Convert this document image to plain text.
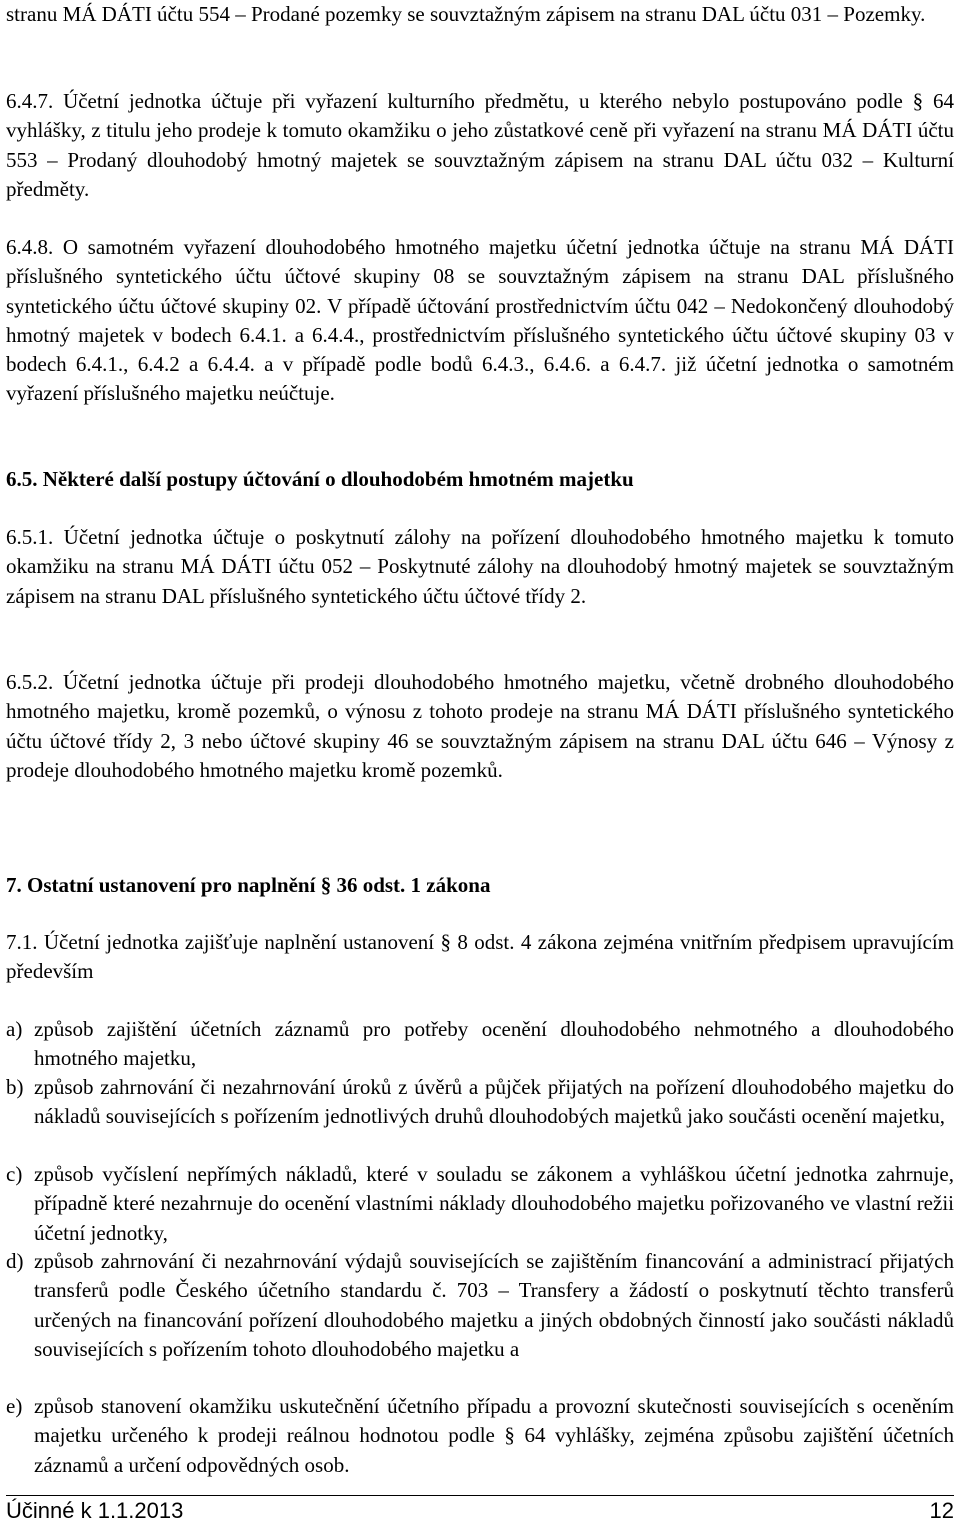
stranu MÁ DÁTI účtu 554 – Prodané pozemky se souvztažným zápisem na stranu DAL účtu 031 – Pozemky.

6.4.7. Účetní jednotka účtuje při vyřazení kulturního předmětu, u kterého nebylo postupováno podle § 64 vyhlášky, z titulu jeho prodeje k tomuto okamžiku o jeho zůstatkové ceně při vyřazení na stranu MÁ DÁTI účtu 553 – Prodaný dlouhodobý hmotný majetek se souvztažným zápisem na stranu DAL účtu 032 – Kulturní předměty.

6.4.8. O samotném vyřazení dlouhodobého hmotného majetku účetní jednotka účtuje na stranu MÁ DÁTI příslušného syntetického účtu účtové skupiny 08 se souvztažným zápisem na stranu DAL příslušného syntetického účtu účtové skupiny 02. V případě účtování prostřednictvím účtu 042 – Nedokončený dlouhodobý hmotný majetek v bodech 6.4.1. a 6.4.4., prostřednictvím příslušného syntetického účtu účtové skupiny 03 v bodech 6.4.1., 6.4.2 a 6.4.4. a v případě podle bodů 6.4.3., 6.4.6. a 6.4.7. již účetní jednotka o samotném vyřazení příslušného majetku neúčtuje.

6.5. Některé další postupy účtování o dlouhodobém hmotném majetku

6.5.1. Účetní jednotka účtuje o poskytnutí zálohy na pořízení dlouhodobého hmotného majetku k tomuto okamžiku na stranu MÁ DÁTI účtu 052 – Poskytnuté zálohy na dlouhodobý hmotný majetek se souvztažným zápisem na stranu DAL příslušného syntetického účtu účtové třídy 2.

6.5.2. Účetní jednotka účtuje při prodeji dlouhodobého hmotného majetku, včetně drobného dlouhodobého hmotného majetku, kromě pozemků, o výnosu z tohoto prodeje na stranu MÁ DÁTI příslušného syntetického účtu účtové třídy 2, 3 nebo účtové skupiny 46 se souvztažným zápisem na stranu DAL účtu 646 – Výnosy z prodeje dlouhodobého hmotného majetku kromě pozemků.

7. Ostatní ustanovení pro naplnění § 36 odst. 1 zákona

7.1. Účetní jednotka zajišťuje naplnění ustanovení § 8 odst. 4 zákona zejména vnitřním předpisem upravujícím především

a) způsob zajištění účetních záznamů pro potřeby ocenění dlouhodobého nehmotného a dlouhodobého hmotného majetku,
b) způsob zahrnování či nezahrnování úroků z úvěrů a půjček přijatých na pořízení dlouhodobého majetku do nákladů souvisejících s pořízením jednotlivých druhů dlouhodobých majetků jako součásti ocenění majetku,
c) způsob vyčíslení nepřímých nákladů, které v souladu se zákonem a vyhláškou účetní jednotka zahrnuje, případně které nezahrnuje do ocenění vlastními náklady dlouhodobého majetku pořizovaného ve vlastní režii účetní jednotky,
d) způsob zahrnování či nezahrnování výdajů souvisejících se zajištěním financování a administrací přijatých transferů podle Českého účetního standardu č. 703 – Transfery a žádostí o poskytnutí těchto transferů určených na financování pořízení dlouhodobého majetku a jiných obdobných činností jako součásti nákladů souvisejících s pořízením tohoto dlouhodobého majetku a
e) způsob stanovení okamžiku uskutečnění účetního případu a provozní skutečnosti souvisejících s oceněním majetku určeného k prodeji reálnou hodnotou podle § 64 vyhlášky, zejména způsobu zajištění účetních záznamů a určení odpovědných osob.
Účinné k 1.1.2013	12
